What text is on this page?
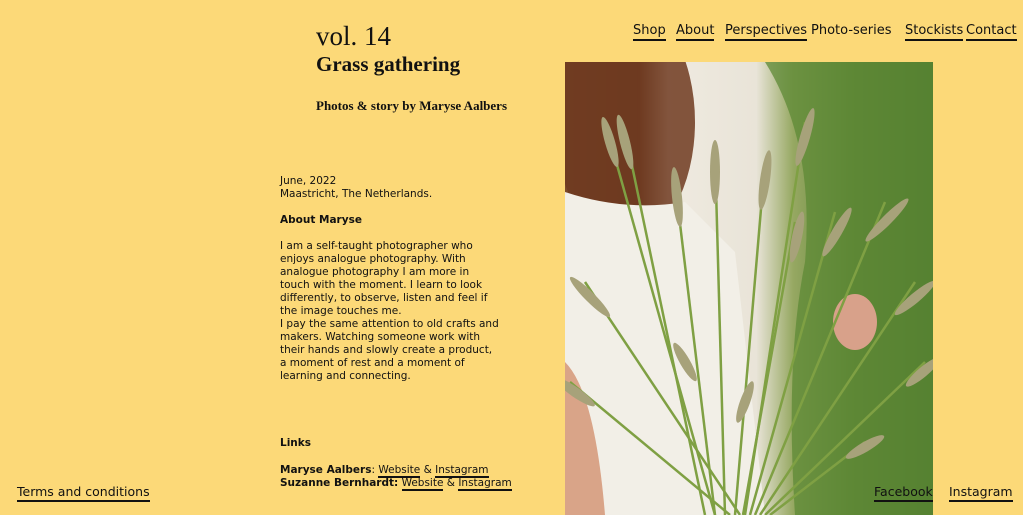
vol. 14
Grass gathering

Photos & story by Maryse Aalbers

Shop About Perspectives Photo-series Stockists Contact

June, 2022

Maastricht, The Netherlands.

About Maryse

I am a self-taught photographer who enjoys analogue photography. With analogue photography I am more in touch with the moment. I learn to look differently, to observe, listen and feel if the image touches me.

I pay the same attention to old crafts and makers. Watching someone work with their hands and slowly create a product, a moment of rest and a moment of learning and connecting.

Links

Maryse Aalbers: Website & Instagram

Suzanne Bernhardt: Website & Instagram

Terms and conditions	Facebook Instagram
